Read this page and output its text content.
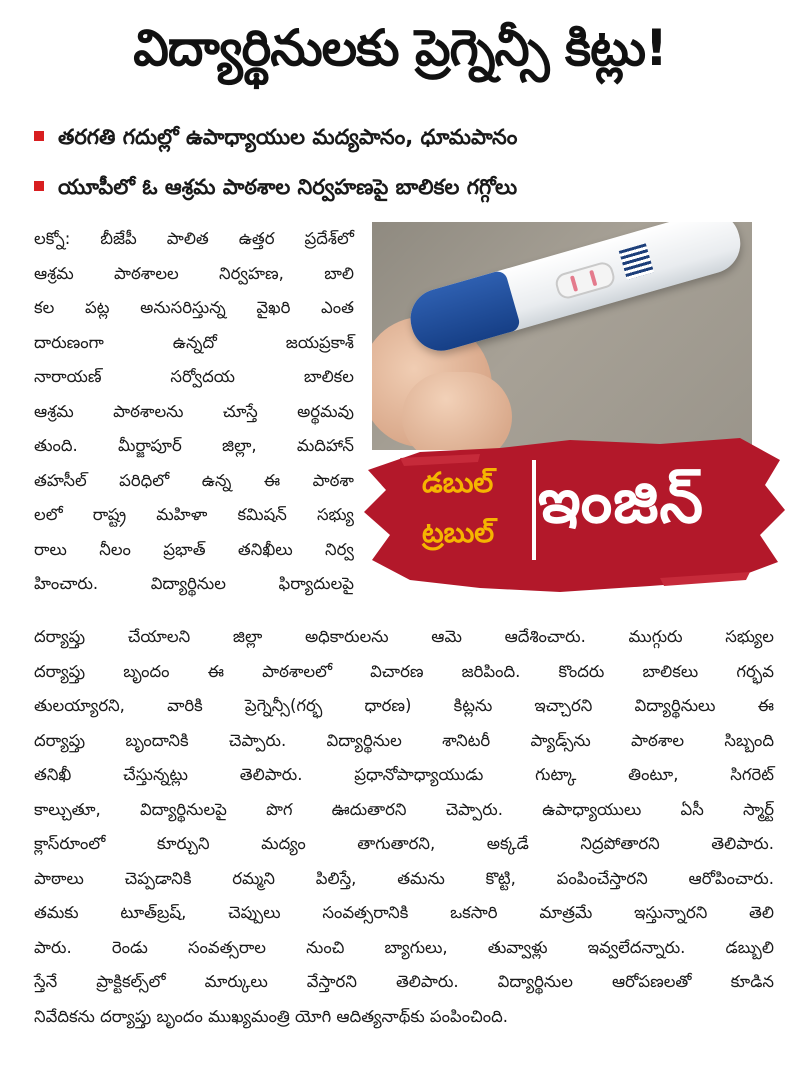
విద్యార్థినులకు ప్రెగ్నెన్సీ కిట్లు!
తరగతి గదుల్లో ఉపాధ్యాయుల మద్యపానం, ధూమపానం
యూపీలో ఓ ఆశ్రమ పాఠశాల నిర్వహణపై బాలికల గగ్గోలు
లక్నో: బీజేపీ పాలిత ఉత్తర ప్రదేశ్‌లో
ఆశ్రమ పాఠశాలల నిర్వహణ, బాలి
కల పట్ల అనుసరిస్తున్న వైఖరి ఎంత
దారుణంగా ఉన్నదో జయప్రకాశ్
నారాయణ్ సర్వోదయ బాలికల
ఆశ్రమ పాఠశాలను చూస్తే అర్థమవు
తుంది. మీర్జాపూర్ జిల్లా, మదిహాన్
తహసీల్ పరిధిలో ఉన్న ఈ పాఠశా
లలో రాష్ట్ర మహిళా కమిషన్ సభ్యు
రాలు నీలం ప్రభాత్ తనిఖీలు నిర్వ
హించారు. విద్యార్థినుల ఫిర్యాదులపై
డబుల్
ట్రబుల్ ఇంజిన్
దర్యాప్తు చేయాలని జిల్లా అధికారులను ఆమె ఆదేశించారు. ముగ్గురు సభ్యుల
దర్యాప్తు బృందం ఈ పాఠశాలలో విచారణ జరిపింది. కొందరు బాలికలు గర్భవ
తులయ్యారని, వారికి ప్రెగ్నెన్సీ(గర్భ ధారణ) కిట్లను ఇచ్చారని విద్యార్థినులు ఈ
దర్యాప్తు బృందానికి చెప్పారు. విద్యార్థినుల శానిటరీ ప్యాడ్స్‌ను పాఠశాల సిబ్బంది
తనిఖీ చేస్తున్నట్లు తెలిపారు. ప్రధానోపాధ్యాయుడు గుట్కా తింటూ, సిగరెట్
కాల్చుతూ, విద్యార్థినులపై పొగ ఊదుతారని చెప్పారు. ఉపాధ్యాయులు ఏసీ స్మార్ట్
క్లాస్‌రూంలో కూర్చుని మద్యం తాగుతారని, అక్కడే నిద్రపోతారని తెలిపారు.
పాఠాలు చెప్పడానికి రమ్మని పిలిస్తే, తమను కొట్టి, పంపించేస్తారని ఆరోపించారు.
తమకు టూత్‌బ్రష్, చెప్పులు సంవత్సరానికి ఒకసారి మాత్రమే ఇస్తున్నారని తెలి
పారు. రెండు సంవత్సరాల నుంచి బ్యాగులు, తువ్వాళ్లు ఇవ్వలేదన్నారు. డబ్బులి
స్తేనే ప్రాక్టికల్స్‌లో మార్కులు వేస్తారని తెలిపారు. విద్యార్థినుల ఆరోపణలతో కూడిన
నివేదికను దర్యాప్తు బృందం ముఖ్యమంత్రి యోగి ఆదిత్యనాథ్‌కు పంపించింది.
